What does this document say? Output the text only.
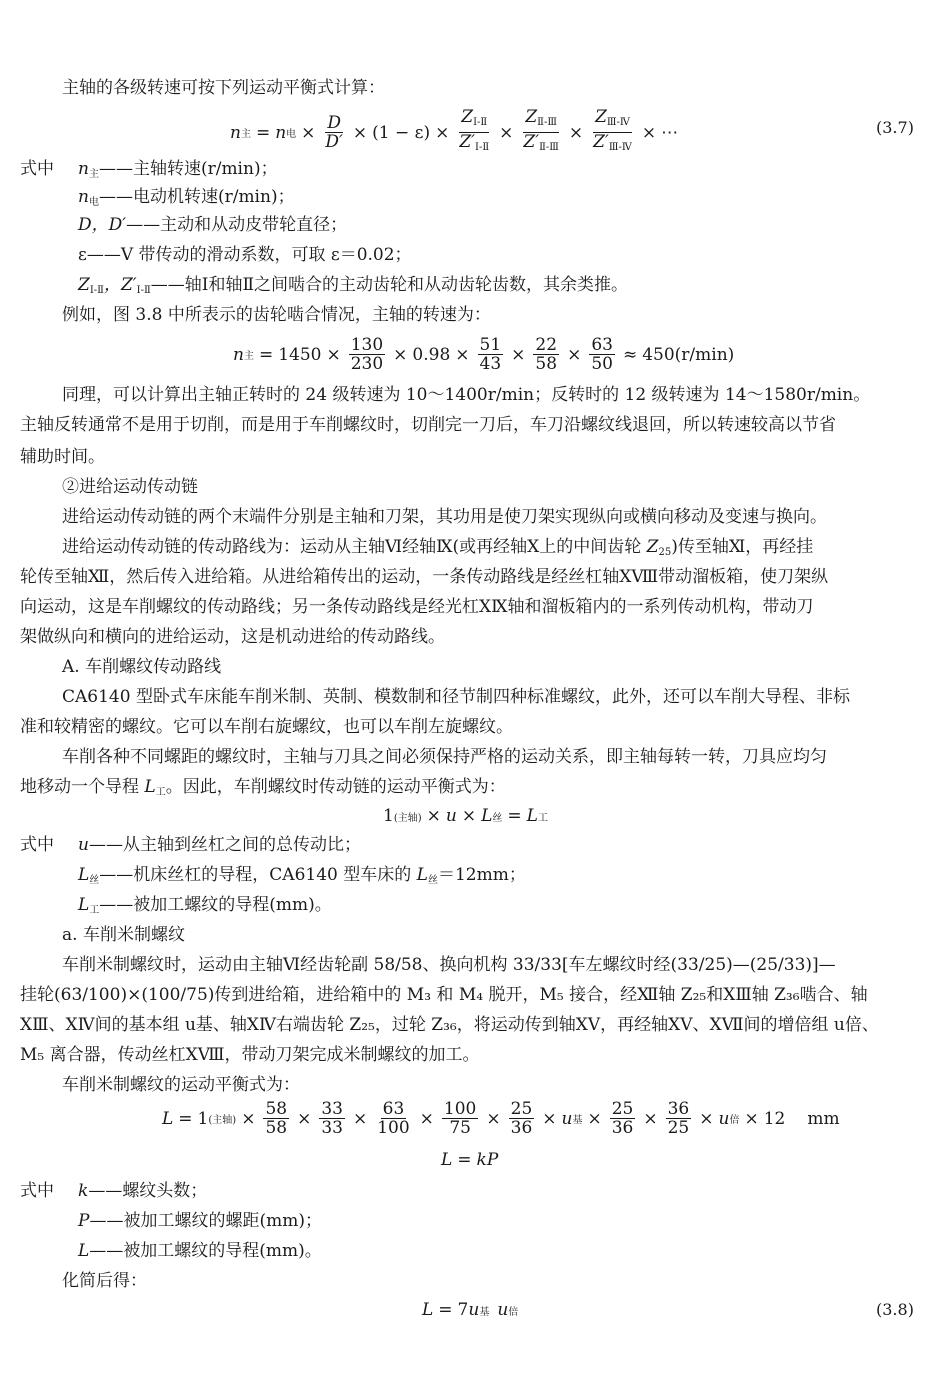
主轴的各级转速可按下列运动平衡式计算：
n 主 = n 电 × $\frac{D}{D'} \times (1 - \varepsilon) \times \frac{Z_{Ⅰ-Ⅱ}}{Z'_{Ⅰ-Ⅱ}} \times \frac{Z_{Ⅱ-Ⅲ}}{Z'_{Ⅱ-Ⅲ}} \times \frac{Z_{Ⅲ-Ⅳ}}{Z'_{Ⅲ-Ⅳ}}$ × ⋯	(3.7)
式中 $n_主——$主轴转速(r/min)；
$n_电——$电动机转速(r/min)；
D，D′——主动和从动皮带轮直径；
ε——V 带传动的滑动系数，可取 ε＝0.02；
$Z_{Ⅰ-Ⅱ}$，$Z'_{Ⅰ-Ⅱ}——$轴Ⅰ和轴Ⅱ之间啮合的主动齿轮和从动齿轮齿数，其余类推。
例如，图 3.8 中所表示的齿轮啮合情况，主轴的转速为：
n 主 = $1450 \times \frac{130}{230} \times 0.98 \times \frac{51}{43} \times \frac{22}{58} \times \frac{63}{50} \approx 450(r/\min)$
同理，可以计算出主轴正转时的 24 级转速为 10～1400r/min；反转时的 12 级转速为 14～1580r/min。
主轴反转通常不是用于切削，而是用于车削螺纹时，切削完一刀后，车刀沿螺纹线退回，所以转速较高以节省
辅助时间。
②进给运动传动链
进给运动传动链的两个末端件分别是主轴和刀架，其功用是使刀架实现纵向或横向移动及变速与换向。
进给运动传动链的传动路线为：运动从主轴Ⅵ经轴Ⅸ(或再经轴Ⅹ上的中间齿轮 $Z_{25}$)传至轴Ⅺ，再经挂
轮传至轴Ⅻ，然后传入进给箱。从进给箱传出的运动，一条传动路线是经丝杠轴ⅩⅧ带动溜板箱，使刀架纵
向运动，这是车削螺纹的传动路线；另一条传动路线是经光杠ⅩⅨ轴和溜板箱内的一系列传动机构，带动刀
架做纵向和横向的进给运动，这是机动进给的传动路线。
A. 车削螺纹传动路线
CA6140 型卧式车床能车削米制、英制、模数制和径节制四种标准螺纹，此外，还可以车削大导程、非标
准和较精密的螺纹。它可以车削右旋螺纹，也可以车削左旋螺纹。
车削各种不同螺距的螺纹时，主轴与刀具之间必须保持严格的运动关系，即主轴每转一转，刀具应均匀
地移动一个导程 $L_工$。因此，车削螺纹时传动链的运动平衡式为：
1 (主轴) × u × L 丝 = L 工
式中 u——从主轴到丝杠之间的总传动比；
$L_丝——$机床丝杠的导程，CA6140 型车床的 $L_丝=12mm$；
$L_工——$被加工螺纹的导程(mm)。
a. 车削米制螺纹
车削米制螺纹时，运动由主轴Ⅵ经齿轮副 58/58、换向机构 33/33[车左螺纹时经(33/25)—(25/33)]—
挂轮(63/100)×(100/75)传到进给箱，进给箱中的 M₃ 和 M₄ 脱开，M₅ 接合，经Ⅻ轴 Z₂₅和ⅩⅢ轴 Z₃₆啮合、轴
ⅩⅢ、ⅩⅣ间的基本组 u基、轴ⅩⅣ右端齿轮 Z₂₅，过轮 Z₃₆，将运动传到轴ⅩⅤ，再经轴ⅩⅤ、ⅩⅦ间的增倍组 u倍、
M₅ 离合器，传动丝杠ⅩⅧ，带动刀架完成米制螺纹的加工。
车削米制螺纹的运动平衡式为：
L = 1 (主轴) × $\frac{58}{58} \times \frac{33}{33} \times \frac{63}{100} \times \frac{100}{75} \times \frac{25}{36} \times u$ 基 × $\frac{25}{36} \times \frac{36}{25} \times u$ 倍 × 12 mm
L = kP
式中 k——螺纹头数；
P——被加工螺纹的螺距(mm)；
L——被加工螺纹的导程(mm)。
化简后得：
L = 7 u 基 u 倍	(3.8)
